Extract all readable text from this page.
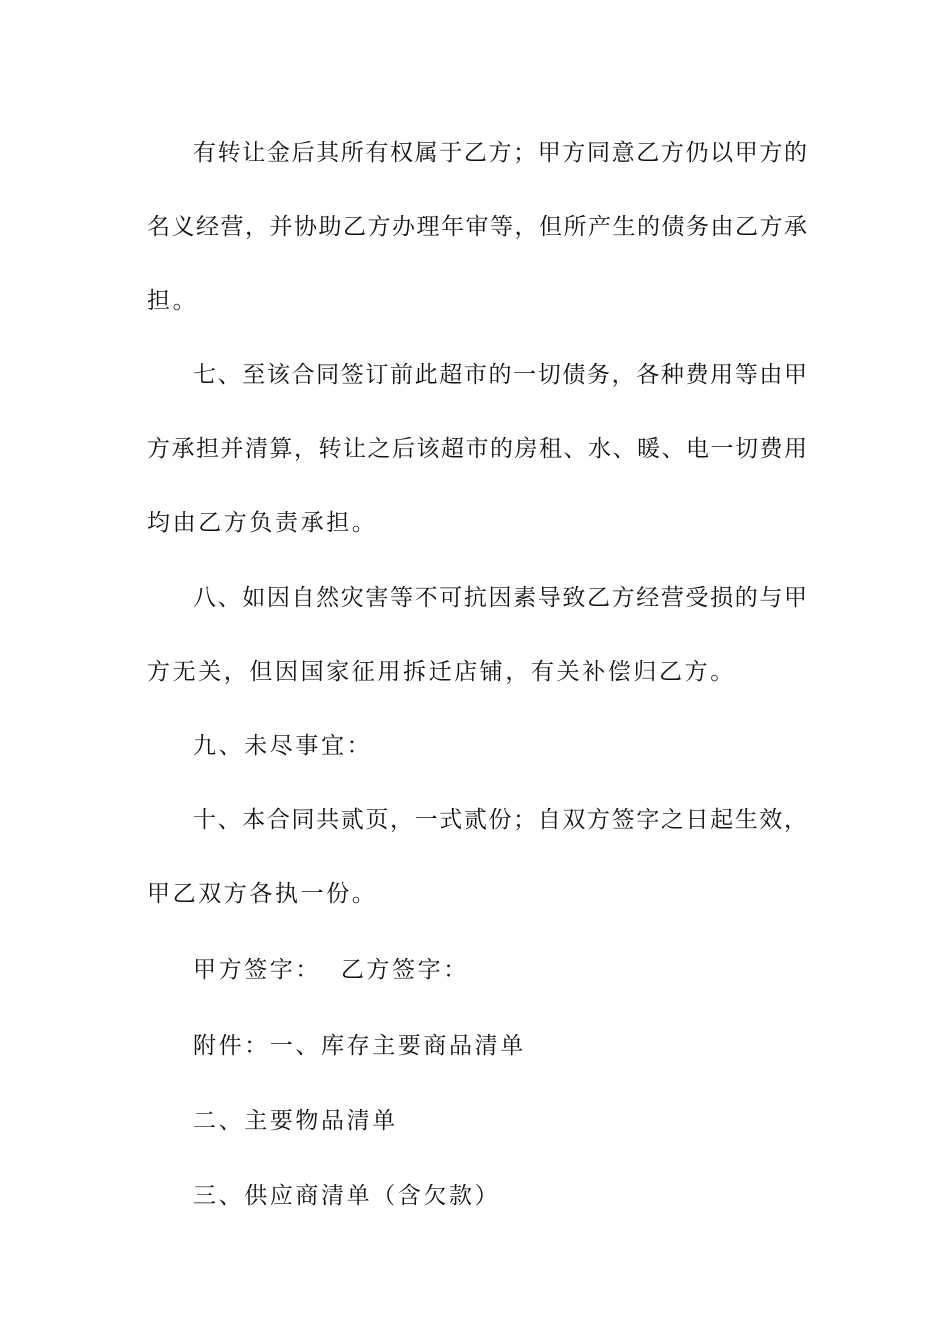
有转让金后其所有权属于乙方；甲方同意乙方仍以甲方的
名义经营，并协助乙方办理年审等，但所产生的债务由乙方承
担。
七、至该合同签订前此超市的一切债务，各种费用等由甲
方承担并清算，转让之后该超市的房租、水、暖、电一切费用
均由乙方负责承担。
八、如因自然灾害等不可抗因素导致乙方经营受损的与甲
方无关，但因国家征用拆迁店铺，有关补偿归乙方。
九、未尽事宜：
十、本合同共贰页，一式贰份；自双方签字之日起生效，
甲乙双方各执一份。
甲方签字：  乙方签字：
附件：一、库存主要商品清单
二、主要物品清单
三、供应商清单（含欠款）
